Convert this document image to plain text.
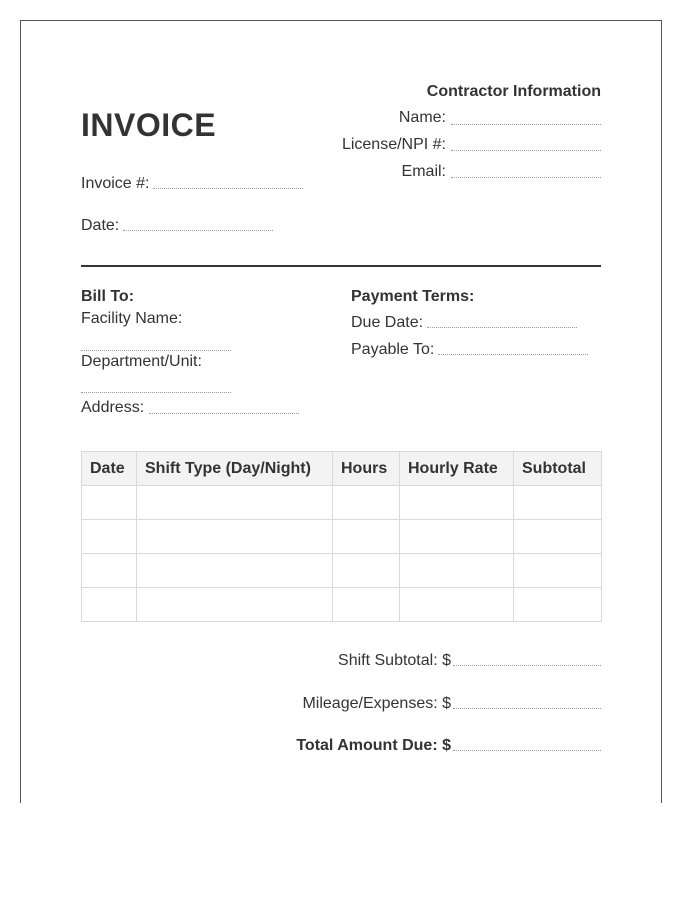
INVOICE
Contractor Information
Name:
License/NPI #:
Email:
Invoice #:
Date:
Bill To:
Facility Name:
Department/Unit:
Address:
Payment Terms:
Due Date:
Payable To:
Date	Shift Type (Day/Night)	Hours	Hourly Rate	Subtotal

Shift Subtotal: $
Mileage/Expenses: $
Total Amount Due: $
